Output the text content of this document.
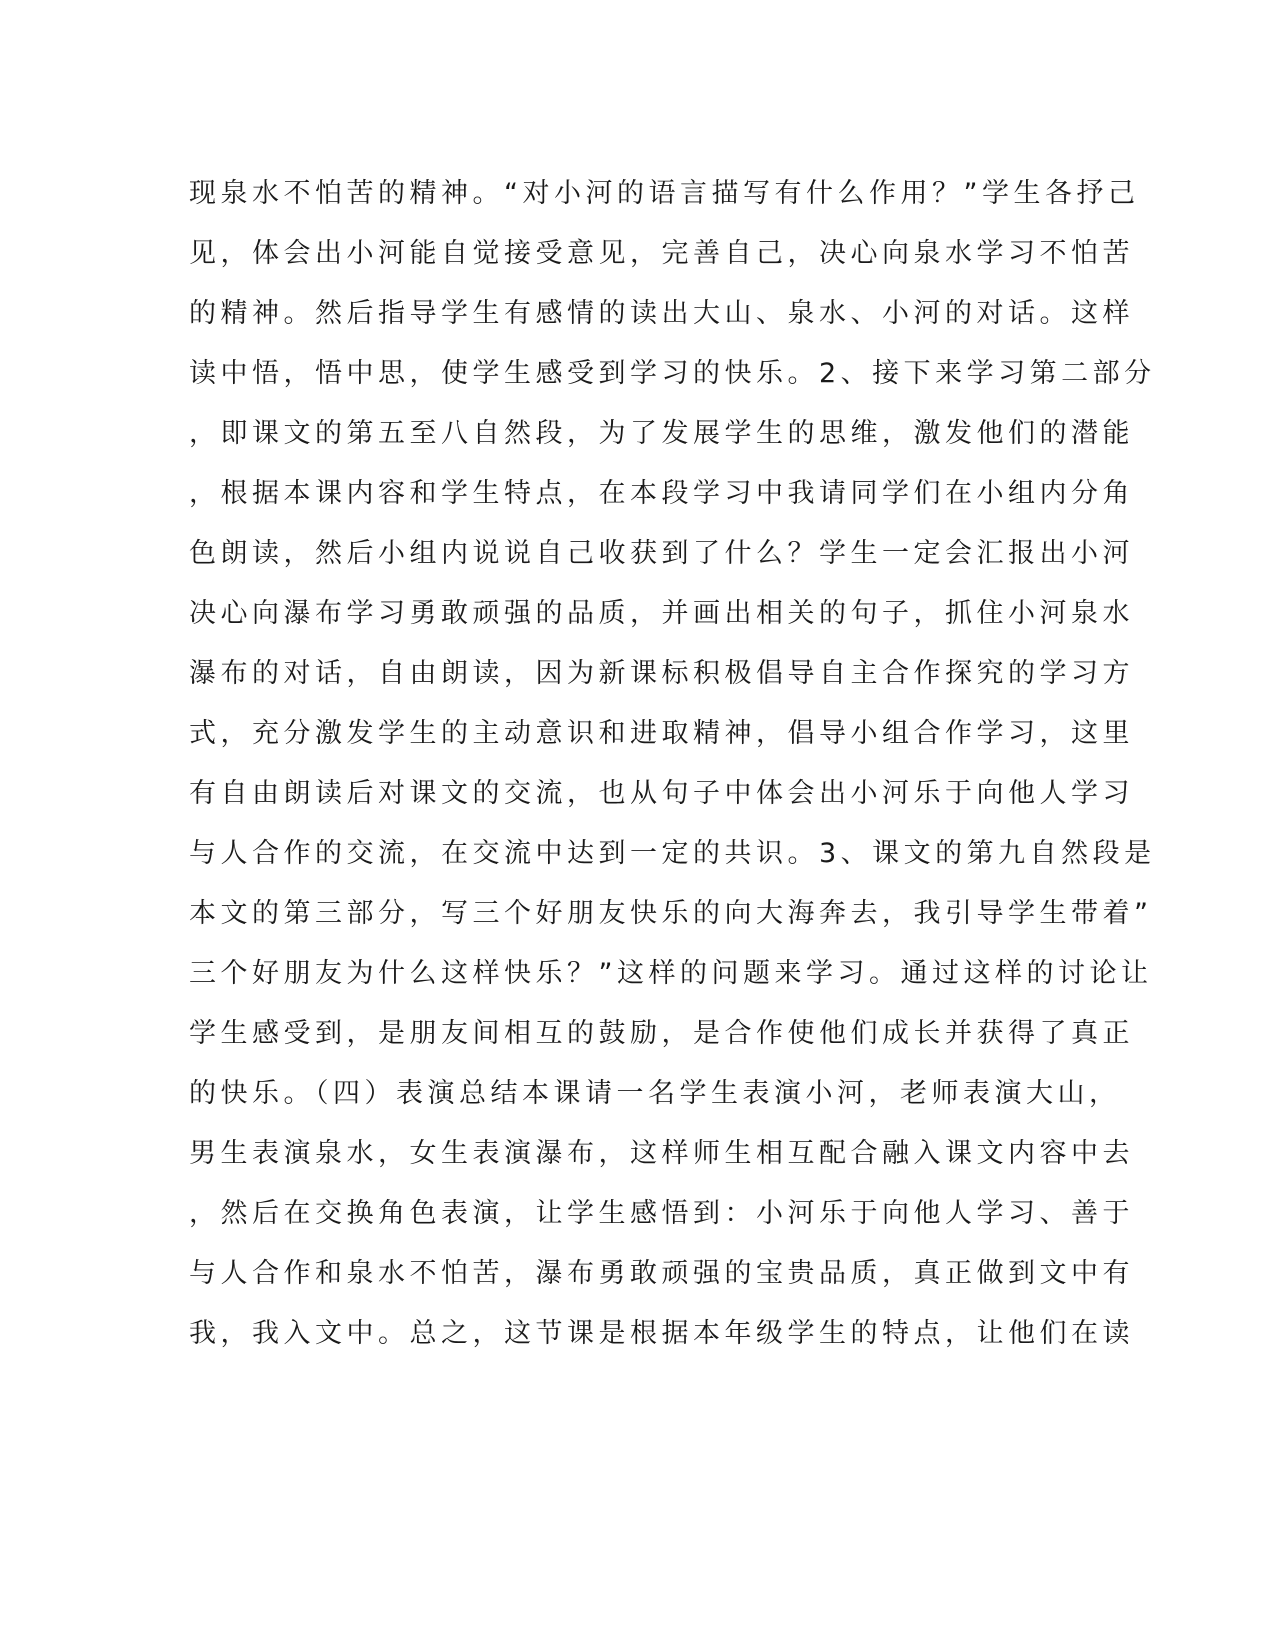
现泉水不怕苦的精神。“对小河的语言描写有什么作用？”学生各抒己
见，体会出小河能自觉接受意见，完善自己，决心向泉水学习不怕苦
的精神。然后指导学生有感情的读出大山、泉水、小河的对话。这样
读中悟，悟中思，使学生感受到学习的快乐。2、接下来学习第二部分
，即课文的第五至八自然段，为了发展学生的思维，激发他们的潜能
，根据本课内容和学生特点，在本段学习中我请同学们在小组内分角
色朗读，然后小组内说说自己收获到了什么？学生一定会汇报出小河
决心向瀑布学习勇敢顽强的品质，并画出相关的句子，抓住小河泉水
瀑布的对话，自由朗读，因为新课标积极倡导自主合作探究的学习方
式，充分激发学生的主动意识和进取精神，倡导小组合作学习，这里
有自由朗读后对课文的交流，也从句子中体会出小河乐于向他人学习
与人合作的交流，在交流中达到一定的共识。3、课文的第九自然段是
本文的第三部分，写三个好朋友快乐的向大海奔去，我引导学生带着”
三个好朋友为什么这样快乐？”这样的问题来学习。通过这样的讨论让
学生感受到，是朋友间相互的鼓励，是合作使他们成长并获得了真正
的快乐。（四）表演总结本课请一名学生表演小河，老师表演大山，
男生表演泉水，女生表演瀑布，这样师生相互配合融入课文内容中去
，然后在交换角色表演，让学生感悟到：小河乐于向他人学习、善于
与人合作和泉水不怕苦，瀑布勇敢顽强的宝贵品质，真正做到文中有
我，我入文中。总之，这节课是根据本年级学生的特点，让他们在读
